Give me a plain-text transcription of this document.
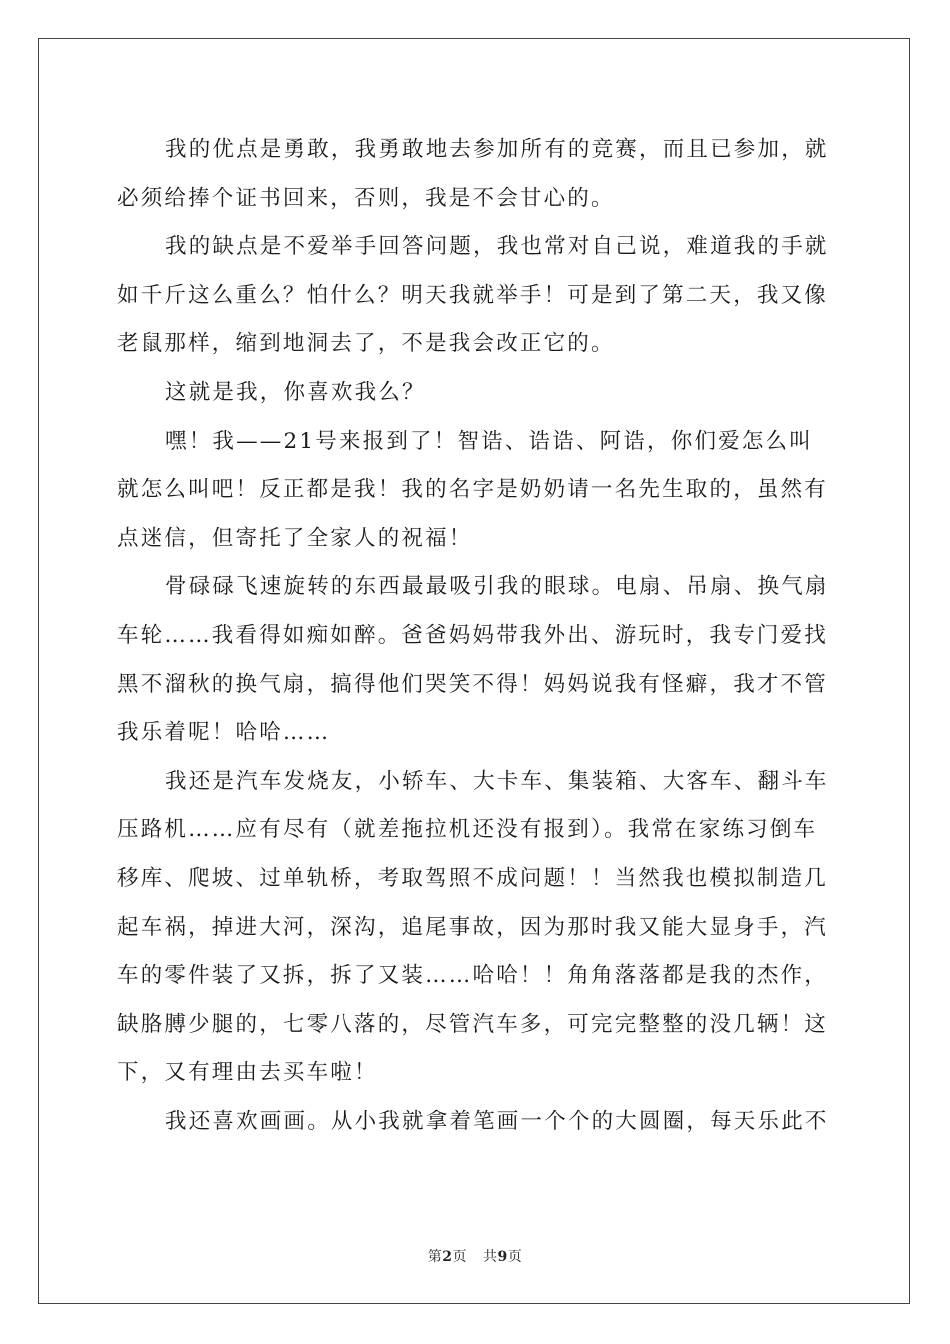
我的优点是勇敢，我勇敢地去参加所有的竞赛，而且已参加，就
必须给捧个证书回来，否则，我是不会甘心的。

我的缺点是不爱举手回答问题，我也常对自己说，难道我的手就
如千斤这么重么？怕什么？明天我就举手！可是到了第二天，我又像
老鼠那样，缩到地洞去了，不是我会改正它的。

这就是我，你喜欢我么？

嘿！我——21号来报到了！智诰、诰诰、阿诰，你们爱怎么叫
就怎么叫吧！反正都是我！我的名字是奶奶请一名先生取的，虽然有
点迷信，但寄托了全家人的祝福！

骨碌碌飞速旋转的东西最最吸引我的眼球。电扇、吊扇、换气扇
车轮……我看得如痴如醉。爸爸妈妈带我外出、游玩时，我专门爱找
黑不溜秋的换气扇，搞得他们哭笑不得！妈妈说我有怪癖，我才不管
我乐着呢！哈哈……

我还是汽车发烧友，小轿车、大卡车、集装箱、大客车、翻斗车
压路机……应有尽有（就差拖拉机还没有报到）。我常在家练习倒车
移库、爬坡、过单轨桥，考取驾照不成问题！！当然我也模拟制造几
起车祸，掉进大河，深沟，追尾事故，因为那时我又能大显身手，汽
车的零件装了又拆，拆了又装……哈哈！！角角落落都是我的杰作，
缺胳膊少腿的，七零八落的，尽管汽车多，可完完整整的没几辆！这
下，又有理由去买车啦！

我还喜欢画画。从小我就拿着笔画一个个的大圆圈，每天乐此不

第2页 共9页
